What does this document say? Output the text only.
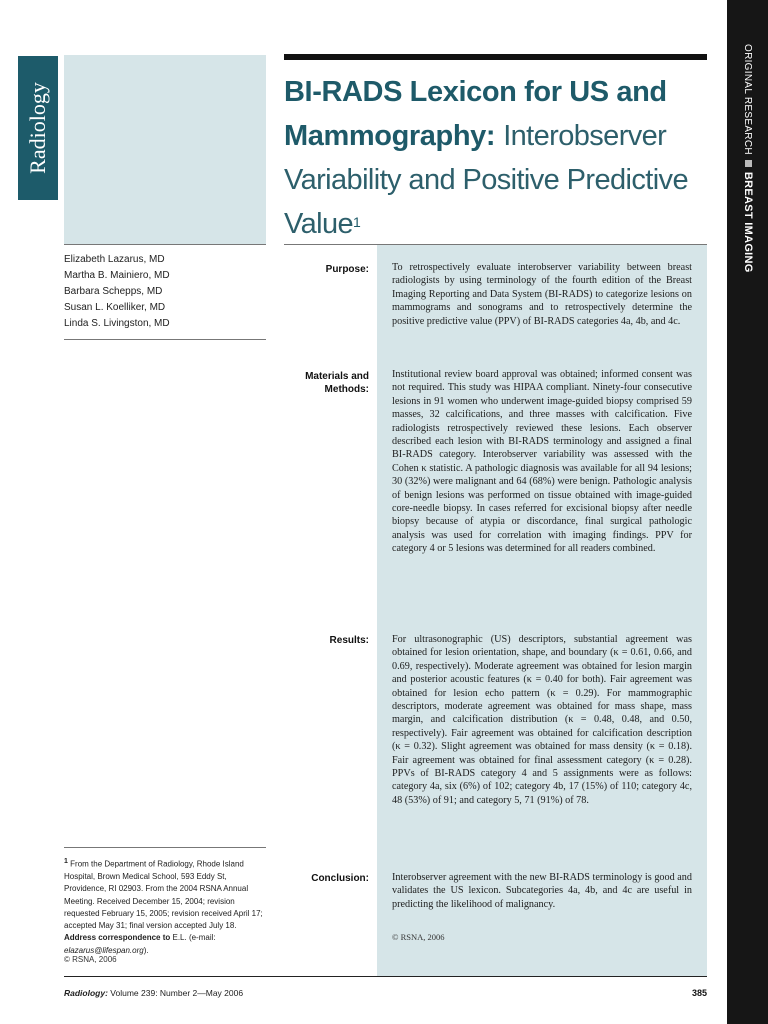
Radiology	ORIGINAL RESEARCHBREAST IMAGING
BI-RADS Lexicon for US and Mammography: Interobserver Variability and Positive Predictive Value$^1$
Elizabeth Lazarus, MD
Martha B. Mainiero, MD
Barbara Schepps, MD
Susan L. Koelliker, MD
Linda S. Livingston, MD
Purpose: To retrospectively evaluate interobserver variability between breast radiologists by using terminology of the fourth edition of the Breast Imaging Reporting and Data System (BI-RADS) to categorize lesions on mammograms and sonograms and to retrospectively determine the positive predictive value (PPV) of BI-RADS categories 4a, 4b, and 4c.
Materials and
Methods:
Institutional review board approval was obtained; informed consent was not required. This study was HIPAA compliant. Ninety-four consecutive lesions in 91 women who underwent image-guided biopsy comprised 59 masses, 32 calcifications, and three masses with calcification. Five radiologists retrospectively reviewed these lesions. Each observer described each lesion with BI-RADS terminology and assigned a final BI-RADS category. Interobserver variability was assessed with the Cohen κ statistic. A pathologic diagnosis was available for all 94 lesions; 30 (32%) were malignant and 64 (68%) were benign. Pathologic analysis of benign lesions was performed on tissue obtained with image-guided core-needle biopsy. In cases referred for excisional biopsy after needle biopsy because of atypia or discordance, final surgical pathologic analysis was used for correlation with imaging findings. PPV for category 4 or 5 lesions was determined for all readers combined.
Results: For ultrasonographic (US) descriptors, substantial agreement was obtained for lesion orientation, shape, and boundary (κ = 0.61, 0.66, and 0.69, respectively). Moderate agreement was obtained for lesion margin and posterior acoustic features (κ = 0.40 for both). Fair agreement was obtained for lesion echo pattern (κ = 0.29). For mammographic descriptors, moderate agreement was obtained for mass shape, mass margin, and calcification distribution (κ = 0.48, 0.48, and 0.50, respectively). Fair agreement was obtained for calcification description (κ = 0.32). Slight agreement was obtained for mass density (κ = 0.18). Fair agreement was obtained for final assessment category (κ = 0.28). PPVs of BI-RADS category 4 and 5 assignments were as follows: category 4a, six (6%) of 102; category 4b, 17 (15%) of 110; category 4c, 48 (53%) of 91; and category 5, 71 (91%) of 78.
Conclusion: Interobserver agreement with the new BI-RADS terminology is good and validates the US lexicon. Subcategories 4a, 4b, and 4c are useful in predicting the likelihood of malignancy.
© RSNA, 2006
$^1$ From the Department of Radiology, Rhode Island Hospital, Brown Medical School, 593 Eddy St, Providence, RI 02903. From the 2004 RSNA Annual Meeting. Received December 15, 2004; revision requested February 15, 2005; revision received April 17; accepted May 31; final version accepted July 18. Address correspondence to E.L. (e-mail: elazarus@lifespan.org).
© RSNA, 2006
Radiology: Volume 239: Number 2—May 2006	385
